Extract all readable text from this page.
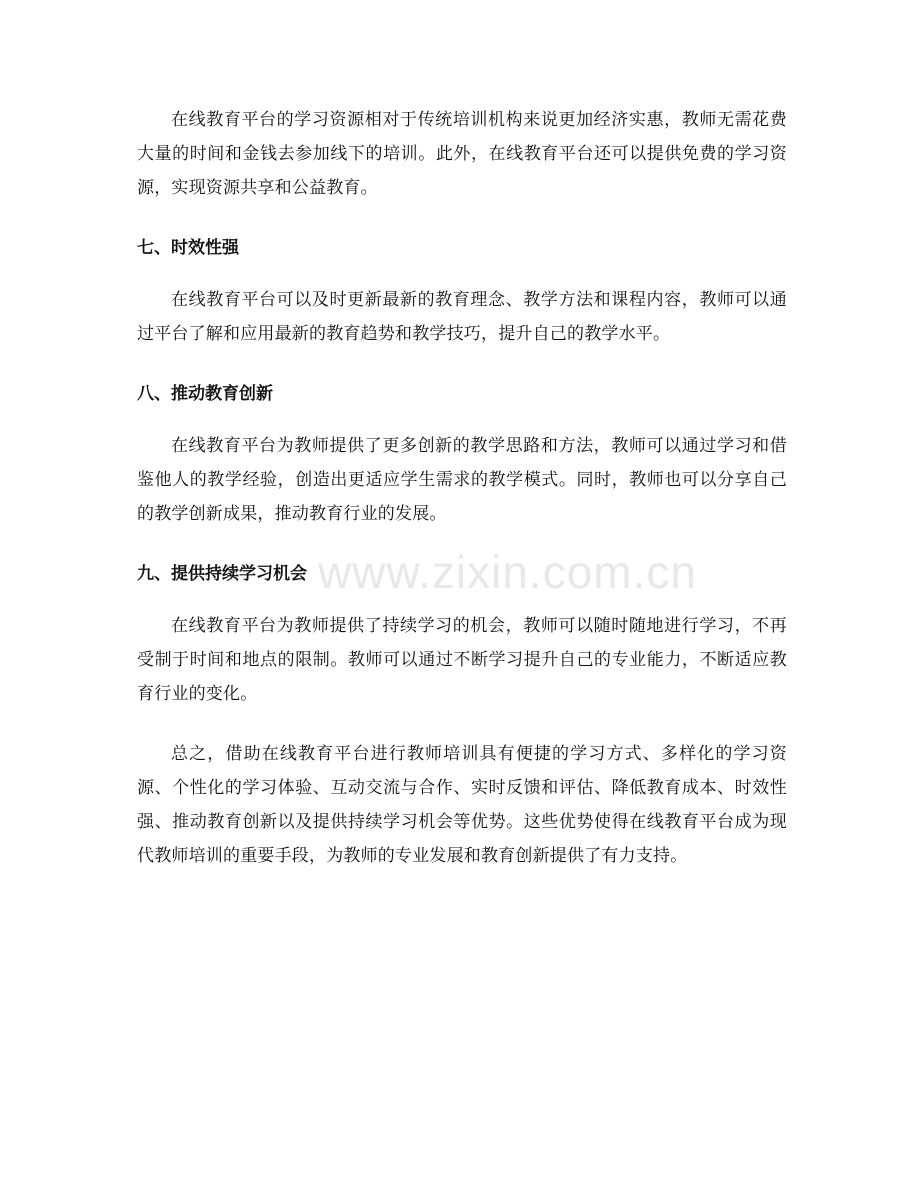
在线教育平台的学习资源相对于传统培训机构来说更加经济实惠，教师无需花费大量的时间和金钱去参加线下的培训。此外，在线教育平台还可以提供免费的学习资源，实现资源共享和公益教育。

七、时效性强

在线教育平台可以及时更新最新的教育理念、教学方法和课程内容，教师可以通过平台了解和应用最新的教育趋势和教学技巧，提升自己的教学水平。

八、推动教育创新

在线教育平台为教师提供了更多创新的教学思路和方法，教师可以通过学习和借鉴他人的教学经验，创造出更适应学生需求的教学模式。同时，教师也可以分享自己的教学创新成果，推动教育行业的发展。

九、提供持续学习机会

在线教育平台为教师提供了持续学习的机会，教师可以随时随地进行学习，不再受制于时间和地点的限制。教师可以通过不断学习提升自己的专业能力，不断适应教育行业的变化。

总之，借助在线教育平台进行教师培训具有便捷的学习方式、多样化的学习资源、个性化的学习体验、互动交流与合作、实时反馈和评估、降低教育成本、时效性强、推动教育创新以及提供持续学习机会等优势。这些优势使得在线教育平台成为现代教师培训的重要手段，为教师的专业发展和教育创新提供了有力支持。

www.zixin.com.cn
